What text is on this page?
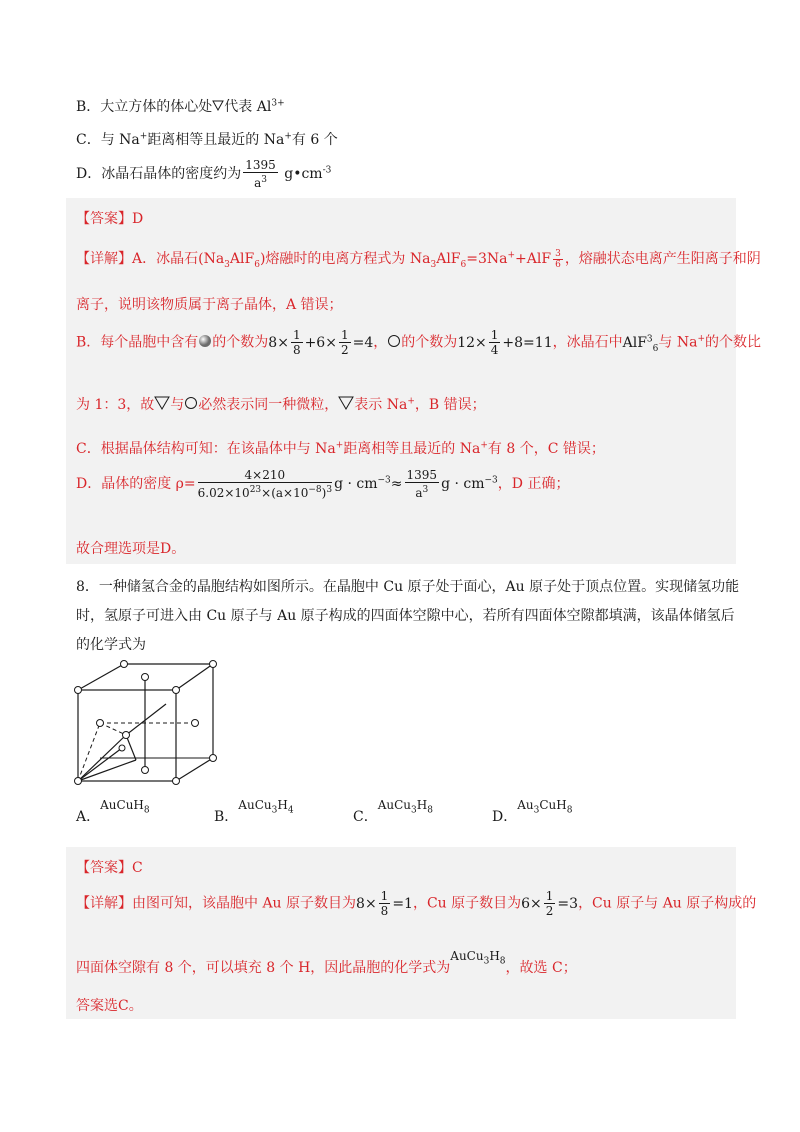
B．大立方体的体心处 代表 $Al^{3+}$
C．与 Na+距离相等且最近的 Na+有 6 个
D．冰晶石晶体的密度约为 $\frac{1395}{a^3}$ $g•cm^{-3}$
【答案】D
【详解】A．冰晶石$(Na_3AlF_6)$熔融时的电离方程式为 $Na_3AlF_6=3Na^++AlF \frac{3}{6}$ ，熔融状态电离产生阳离子和阴
离子，说明该物质属于离子晶体，A 错误；
B．每个晶胞中含有 的个数为$8\times \frac{1}{8} +6\times \frac{1}{2} =4$， 的个数为$12\times \frac{1}{4} +8=11$，冰晶石中AlF$^3_6$与 Na+的个数比
为 1：3，故 与 必然表示同一种微粒， 表示 Na+，B 错误；
C．根据晶体结构可知：在该晶体中与 Na+距离相等且最近的 Na+有 8 个，C 错误；
D．晶体的密度 $\rho= \frac{4\times 210}{6.02\times 10^{23}\times(a\times 10^{-8})^3}$ $g \cdot cm^{-3}\approx \frac{1395}{a^3}$ $g \cdot cm^{-3}$，D 正确；
故合理选项是D。
8．一种储氢合金的晶胞结构如图所示。在晶胞中 Cu 原子处于面心，Au 原子处于顶点位置。实现储氢功能
时，氢原子可进入由 Cu 原子与 Au 原子构成的四面体空隙中心，若所有四面体空隙都填满，该晶体储氢后
的化学式为
A．AuCuH$_8$	B．$AuCu_3H_4$	C．$AuCu_3H_8$	D．$Au_3CuH_8$
【答案】C
【详解】由图可知，该晶胞中 Au 原子数目为$8\times \frac{1}{8} =1$，Cu 原子数目为$6\times \frac{1}{2} =3$，Cu 原子与 Au 原子构成的
四面体空隙有 8 个，可以填充 8 个 H，因此晶胞的化学式为$AuCu_3H_8$，故选 C；
答案选C。
